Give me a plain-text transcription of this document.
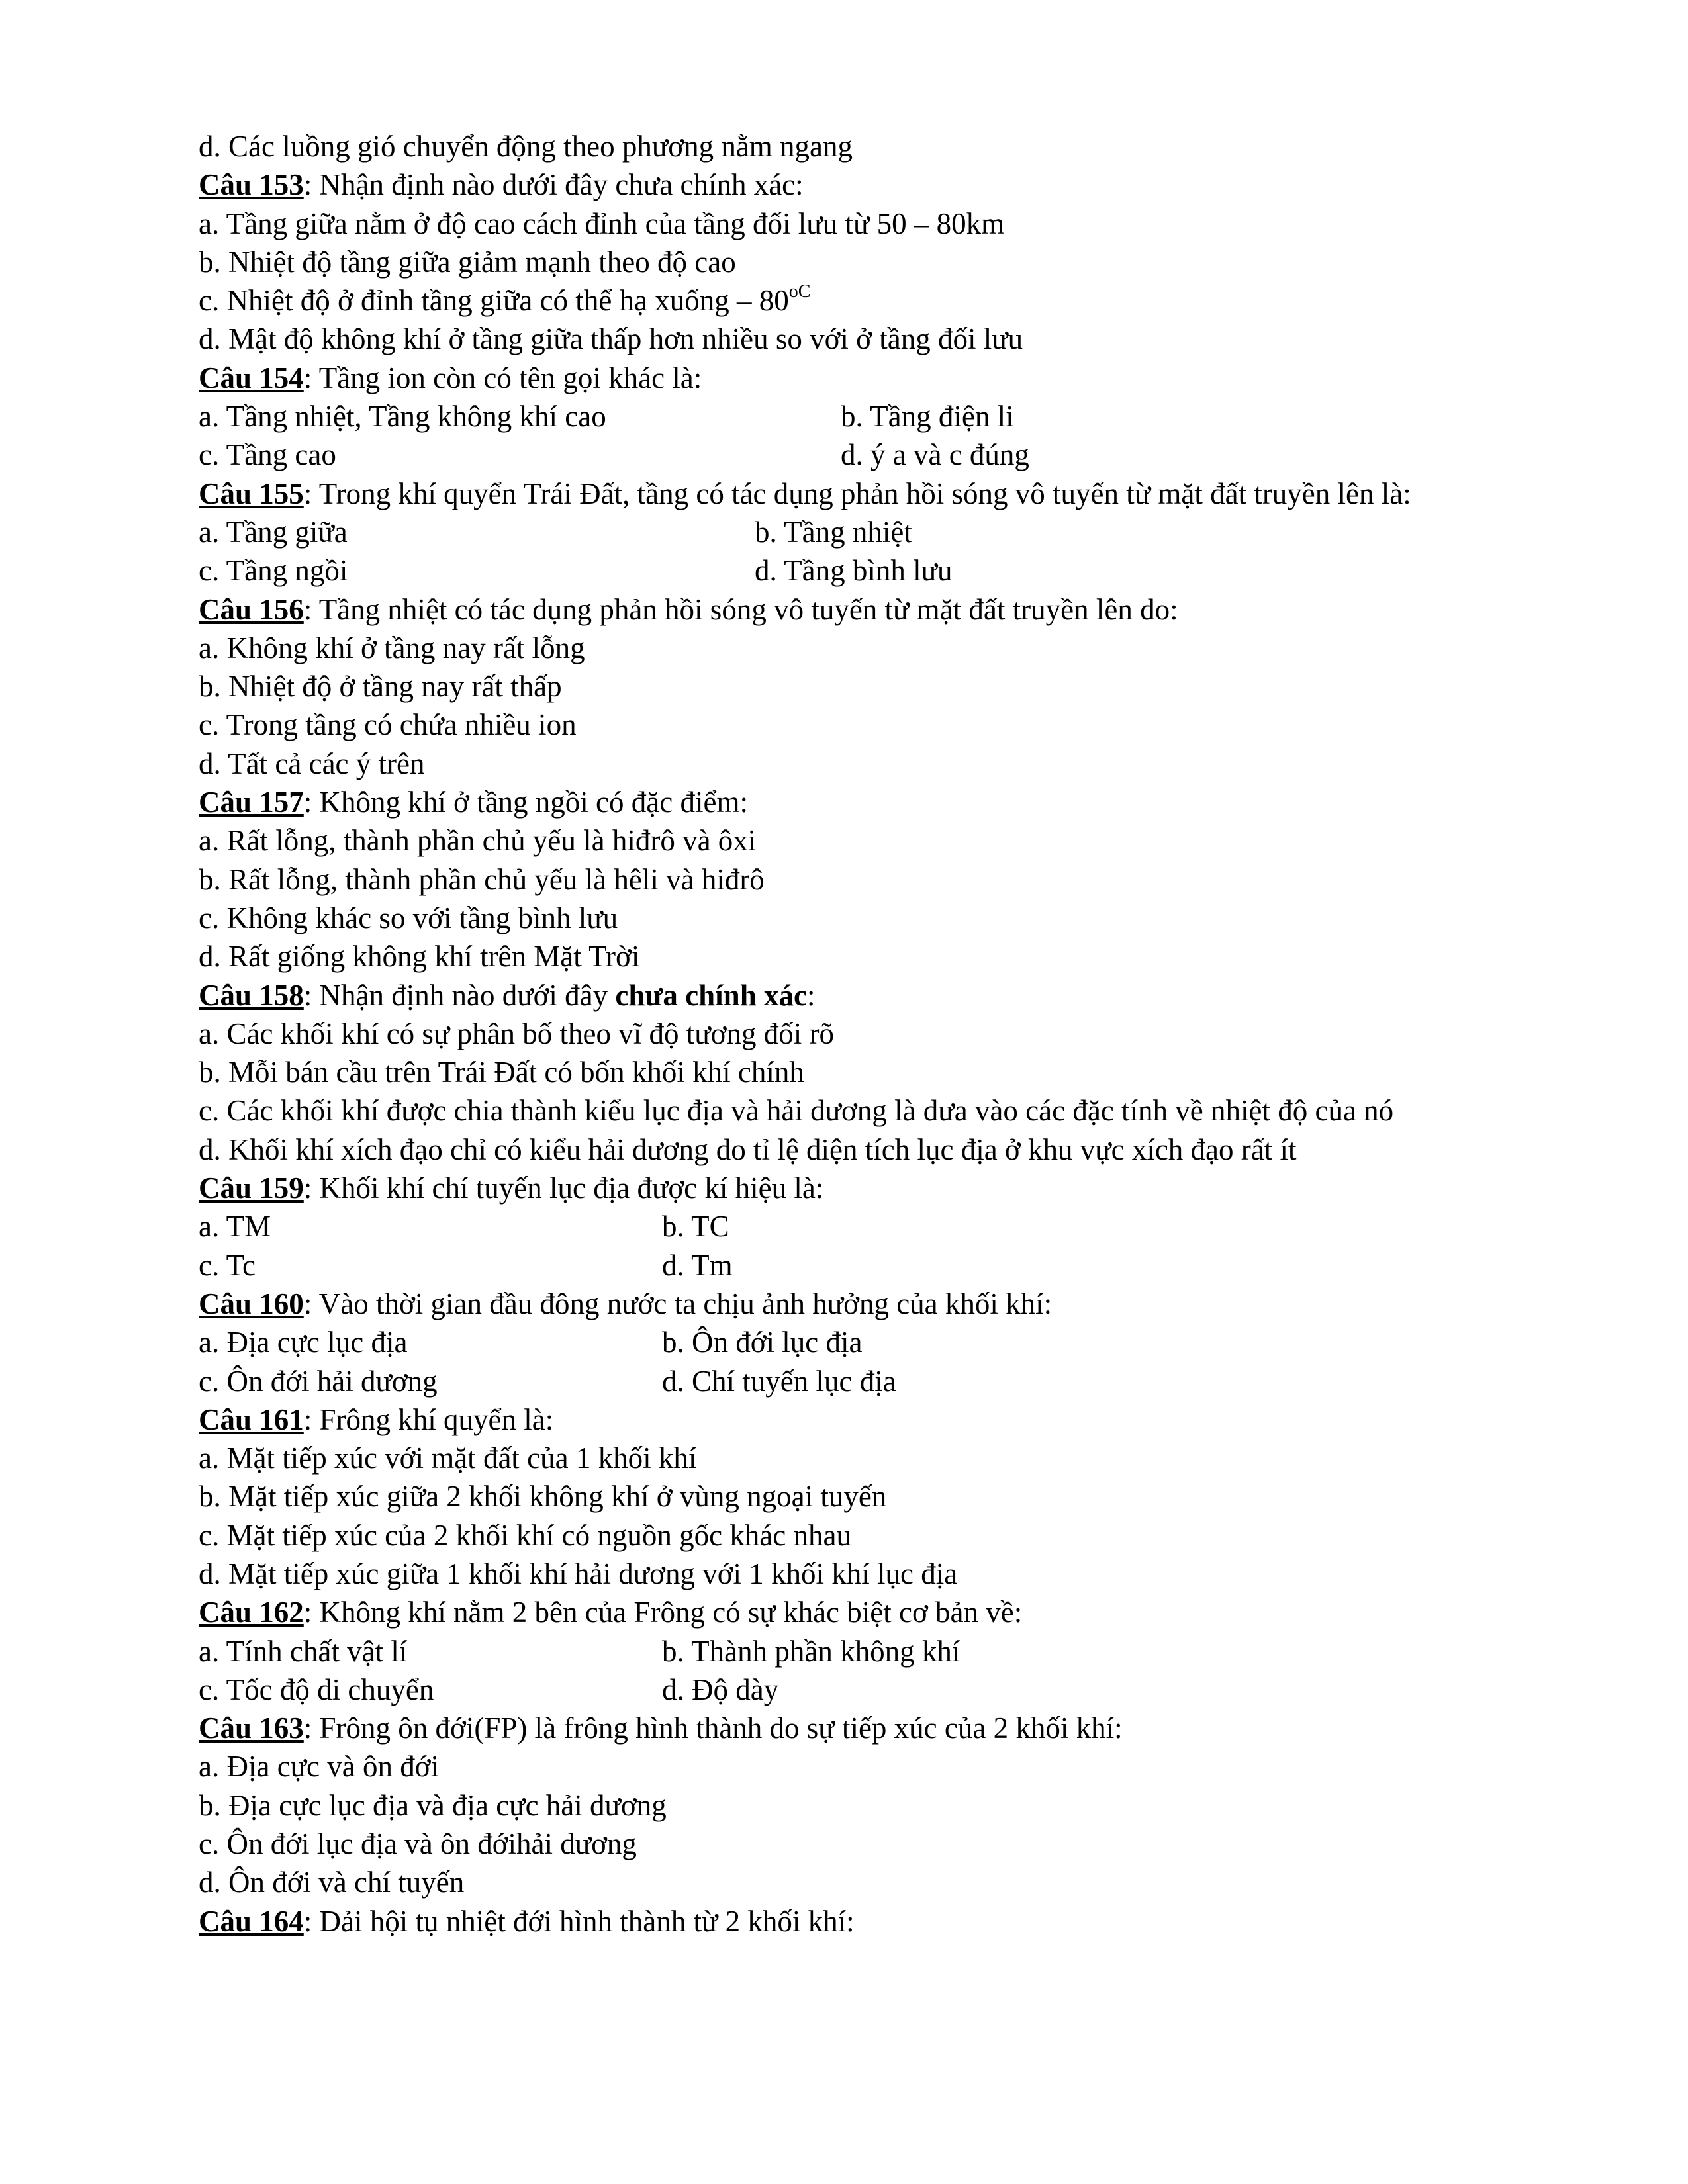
d. Các luồng gió chuyển động theo phương nằm ngang
Câu 153: Nhận định nào dưới đây chưa chính xác:
a. Tầng giữa nằm ở độ cao cách đỉnh của tầng đối lưu từ 50 – 80km
b. Nhiệt độ tầng giữa giảm mạnh theo độ cao
c. Nhiệt độ ở đỉnh tầng giữa có thể hạ xuống – $80^{oC}$
d. Mật độ không khí ở tầng giữa thấp hơn nhiều so với ở tầng đối lưu
Câu 154: Tầng ion còn có tên gọi khác là:
a. Tầng nhiệt, Tầng không khí cao	b. Tầng điện li
c. Tầng cao	d. ý a và c đúng
Câu 155: Trong khí quyển Trái Đất, tầng có tác dụng phản hồi sóng vô tuyến từ mặt đất truyền lên là:
a. Tầng giữa	b. Tầng nhiệt
c. Tầng ngồi	d. Tầng bình lưu
Câu 156: Tầng nhiệt có tác dụng phản hồi sóng vô tuyến từ mặt đất truyền lên do:
a. Không khí ở tầng nay rất lỗng
b. Nhiệt độ ở tầng nay rất thấp
c. Trong tầng có chứa nhiều ion
d. Tất cả các ý trên
Câu 157: Không khí ở tầng ngồi có đặc điểm:
a. Rất lỗng, thành phần chủ yếu là hiđrô và ôxi
b. Rất lỗng, thành phần chủ yếu là hêli và hiđrô
c. Không khác so với tầng bình lưu
d. Rất giống không khí trên Mặt Trời
Câu 158: Nhận định nào dưới đây chưa chính xác:
a. Các khối khí có sự phân bố theo vĩ độ tương đối rõ
b. Mỗi bán cầu trên Trái Đất có bốn khối khí chính
c. Các khối khí được chia thành kiểu lục địa và hải dương là dưa vào các đặc tính về nhiệt độ của nó
d. Khối khí xích đạo chỉ có kiểu hải dương do tỉ lệ diện tích lục địa ở khu vực xích đạo rất ít
Câu 159: Khối khí chí tuyến lục địa được kí hiệu là:
a. TM	b. TC
c. Tc	d. Tm
Câu 160: Vào thời gian đầu đông nước ta chịu ảnh hưởng của khối khí:
a. Địa cực lục địa	b. Ôn đới lục địa
c. Ôn đới hải dương	d. Chí tuyến lục địa
Câu 161: Frông khí quyển là:
a. Mặt tiếp xúc với mặt đất của 1 khối khí
b. Mặt tiếp xúc giữa 2 khối không khí ở vùng ngoại tuyến
c. Mặt tiếp xúc của 2 khối khí có nguồn gốc khác nhau
d. Mặt tiếp xúc giữa 1 khối khí hải dương với 1 khối khí lục địa
Câu 162: Không khí nằm 2 bên của Frông có sự khác biệt cơ bản về:
a. Tính chất vật lí	b. Thành phần không khí
c. Tốc độ di chuyển	d. Độ dày
Câu 163: Frông ôn đới(FP) là frông hình thành do sự tiếp xúc của 2 khối khí:
a. Địa cực và ôn đới
b. Địa cực lục địa và địa cực hải dương
c. Ôn đới lục địa và ôn đớihải dương
d. Ôn đới và chí tuyến
Câu 164: Dải hội tụ nhiệt đới hình thành từ 2 khối khí:
